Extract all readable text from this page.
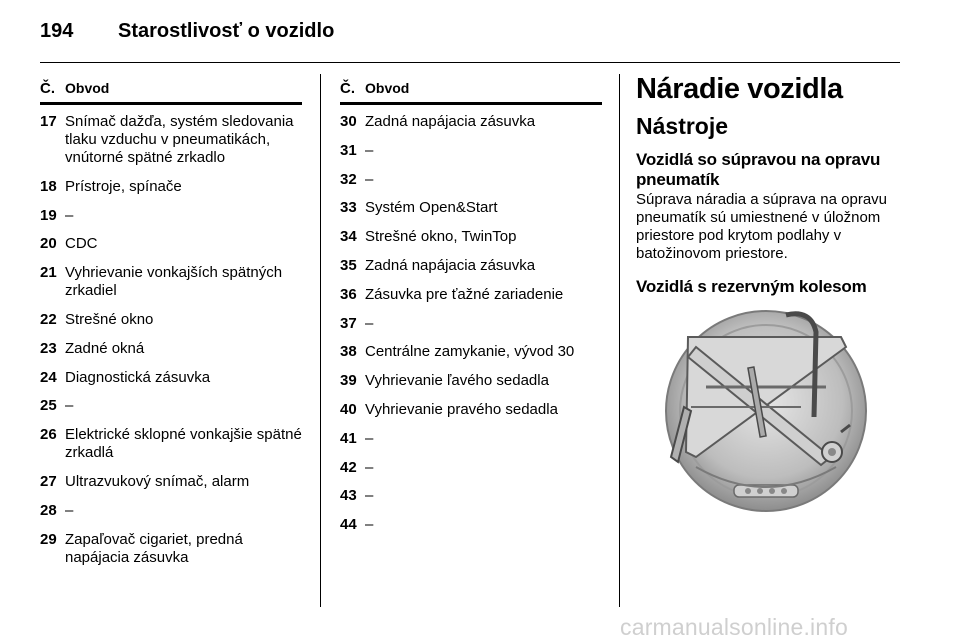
194	Starostlivosť o vozidlo
Č. Obvod
17 Snímač dažďa, systém sledovania tlaku vzduchu v pneumatikách, vnútorné spätné zrkadlo
18 Prístroje, spínače
19 –
20 CDC
21 Vyhrievanie vonkajších spätných zrkadiel
22 Strešné okno
23 Zadné okná
24 Diagnostická zásuvka
25 –
26 Elektrické sklopné vonkajšie spätné zrkadlá
27 Ultrazvukový snímač, alarm
28 –
29 Zapaľovač cigariet, predná napájacia zásuvka
Č. Obvod
30 Zadná napájacia zásuvka
31 –
32 –
33 Systém Open&Start
34 Strešné okno, TwinTop
35 Zadná napájacia zásuvka
36 Zásuvka pre ťažné zariadenie
37 –
38 Centrálne zamykanie, vývod 30
39 Vyhrievanie ľavého sedadla
40 Vyhrievanie pravého sedadla
41 –
42 –
43 –
44 –
Náradie vozidla
Nástroje
Vozidlá so súpravou na opravu pneumatík
Súprava náradia a súprava na opravu pneumatík sú umiestnené v úložnom priestore pod krytom podlahy v batožinovom priestore.
Vozidlá s rezervným kolesom
carmanualsonline.info
